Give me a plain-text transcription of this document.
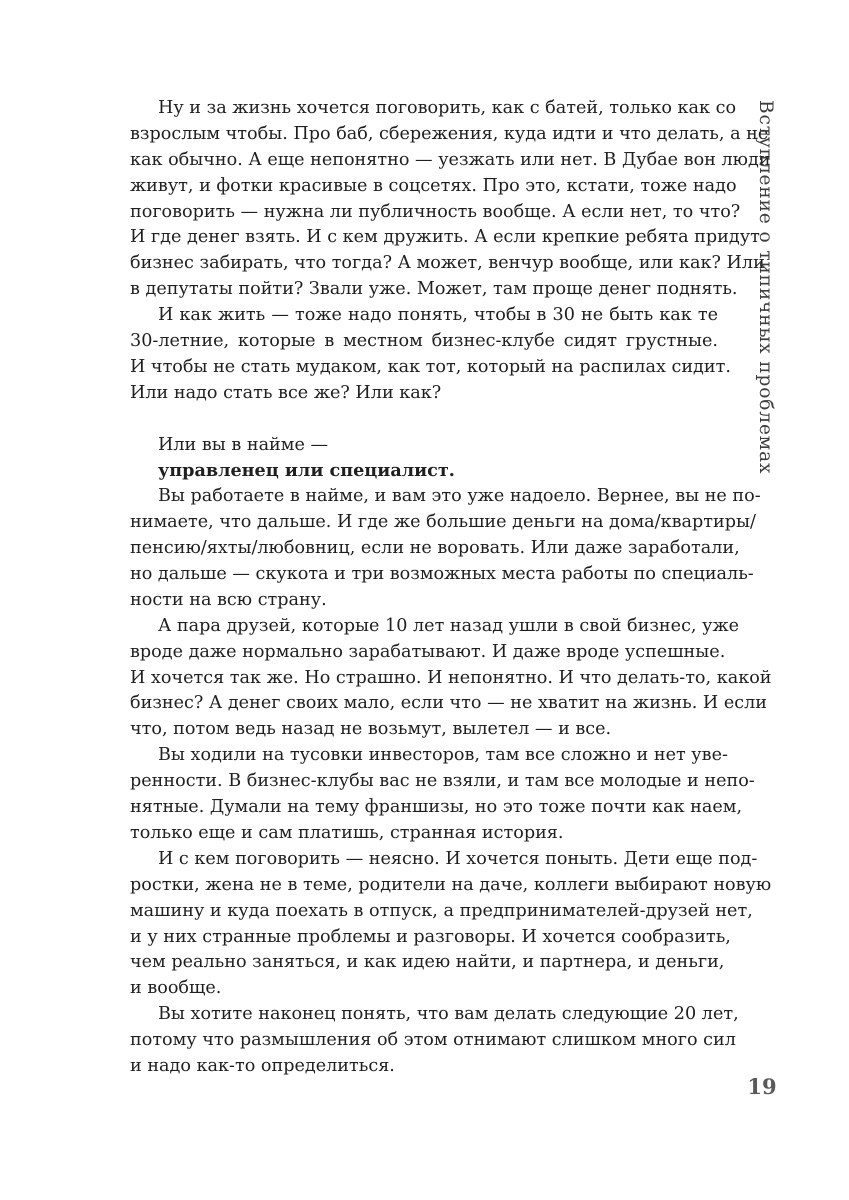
Ну и за жизнь хочется поговорить, как с батей, только как со
взрослым чтобы. Про баб, сбережения, куда идти и что делать, а не
как обычно. А еще непонятно — уезжать или нет. В Дубае вон люди
живут, и фотки красивые в соцсетях. Про это, кстати, тоже надо
поговорить — нужна ли публичность вообще. А если нет, то что?
И где денег взять. И с кем дружить. А если крепкие ребята придут
бизнес забирать, что тогда? А может, венчур вообще, или как? Или
в депутаты пойти? Звали уже. Может, там проще денег поднять.
И как жить — тоже надо понять, чтобы в 30 не быть как те
30-летние, которые в местном бизнес-клубе сидят грустные.
И чтобы не стать мудаком, как тот, который на распилах сидит.
Или надо стать все же? Или как?
Или вы в найме —
управленец или специалист.
Вы работаете в найме, и вам это уже надоело. Вернее, вы не по-
нимаете, что дальше. И где же большие деньги на дома/квартиры/
пенсию/яхты/любовниц, если не воровать. Или даже заработали,
но дальше — скукота и три возможных места работы по специаль-
ности на всю страну.
А пара друзей, которые 10 лет назад ушли в свой бизнес, уже
вроде даже нормально зарабатывают. И даже вроде успешные.
И хочется так же. Но страшно. И непонятно. И что делать-то, какой
бизнес? А денег своих мало, если что — не хватит на жизнь. И если
что, потом ведь назад не возьмут, вылетел — и все.
Вы ходили на тусовки инвесторов, там все сложно и нет уве-
ренности. В бизнес-клубы вас не взяли, и там все молодые и непо-
нятные. Думали на тему франшизы, но это тоже почти как наем,
только еще и сам платишь, странная история.
И с кем поговорить — неясно. И хочется поныть. Дети еще под-
ростки, жена не в теме, родители на даче, коллеги выбирают новую
машину и куда поехать в отпуск, а предпринимателей-друзей нет,
и у них странные проблемы и разговоры. И хочется сообразить,
чем реально заняться, и как идею найти, и партнера, и деньги,
и вообще.
Вы хотите наконец понять, что вам делать следующие 20 лет,
потому что размышления об этом отнимают слишком много сил
и надо как-то определиться.
Вступление о типичных проблемах
19
